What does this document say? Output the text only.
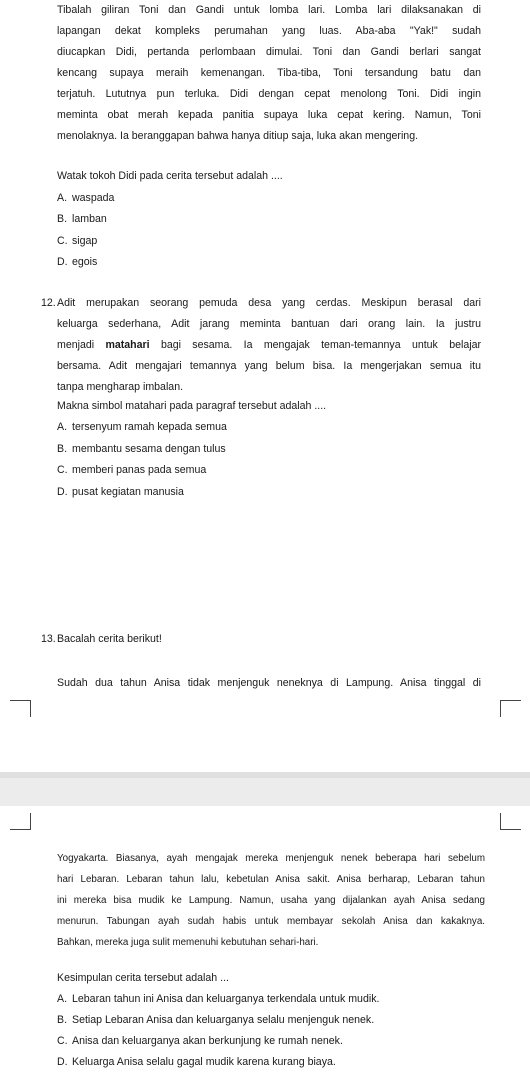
Tibalah giliran Toni dan Gandi untuk lomba lari. Lomba lari dilaksanakan di
lapangan dekat kompleks perumahan yang luas. Aba-aba "Yak!" sudah
diucapkan Didi, pertanda perlombaan dimulai. Toni dan Gandi berlari sangat
kencang supaya meraih kemenangan. Tiba-tiba, Toni tersandung batu dan
terjatuh. Lututnya pun terluka. Didi dengan cepat menolong Toni. Didi ingin
meminta obat merah kepada panitia supaya luka cepat kering. Namun, Toni
menolaknya. Ia beranggapan bahwa hanya ditiup saja, luka akan mengering.
Watak tokoh Didi pada cerita tersebut adalah ....
A. waspada
B. lamban
C. sigap
D. egois
12. Adit merupakan seorang pemuda desa yang cerdas. Meskipun berasal dari
keluarga sederhana, Adit jarang meminta bantuan dari orang lain. Ia justru
menjadi matahari bagi sesama. Ia mengajak teman-temannya untuk belajar
bersama. Adit mengajari temannya yang belum bisa. Ia mengerjakan semua itu
tanpa mengharap imbalan.
Makna simbol matahari pada paragraf tersebut adalah ....
A. tersenyum ramah kepada semua
B. membantu sesama dengan tulus
C. memberi panas pada semua
D. pusat kegiatan manusia
13. Bacalah cerita berikut!
Sudah dua tahun Anisa tidak menjenguk neneknya di Lampung. Anisa tinggal di
Yogyakarta. Biasanya, ayah mengajak mereka menjenguk nenek beberapa hari sebelum
hari Lebaran. Lebaran tahun lalu, kebetulan Anisa sakit. Anisa berharap, Lebaran tahun
ini mereka bisa mudik ke Lampung. Namun, usaha yang dijalankan ayah Anisa sedang
menurun. Tabungan ayah sudah habis untuk membayar sekolah Anisa dan kakaknya.
Bahkan, mereka juga sulit memenuhi kebutuhan sehari-hari.
Kesimpulan cerita tersebut adalah ...
A. Lebaran tahun ini Anisa dan keluarganya terkendala untuk mudik.
B. Setiap Lebaran Anisa dan keluarganya selalu menjenguk nenek.
C. Anisa dan keluarganya akan berkunjung ke rumah nenek.
D. Keluarga Anisa selalu gagal mudik karena kurang biaya.
